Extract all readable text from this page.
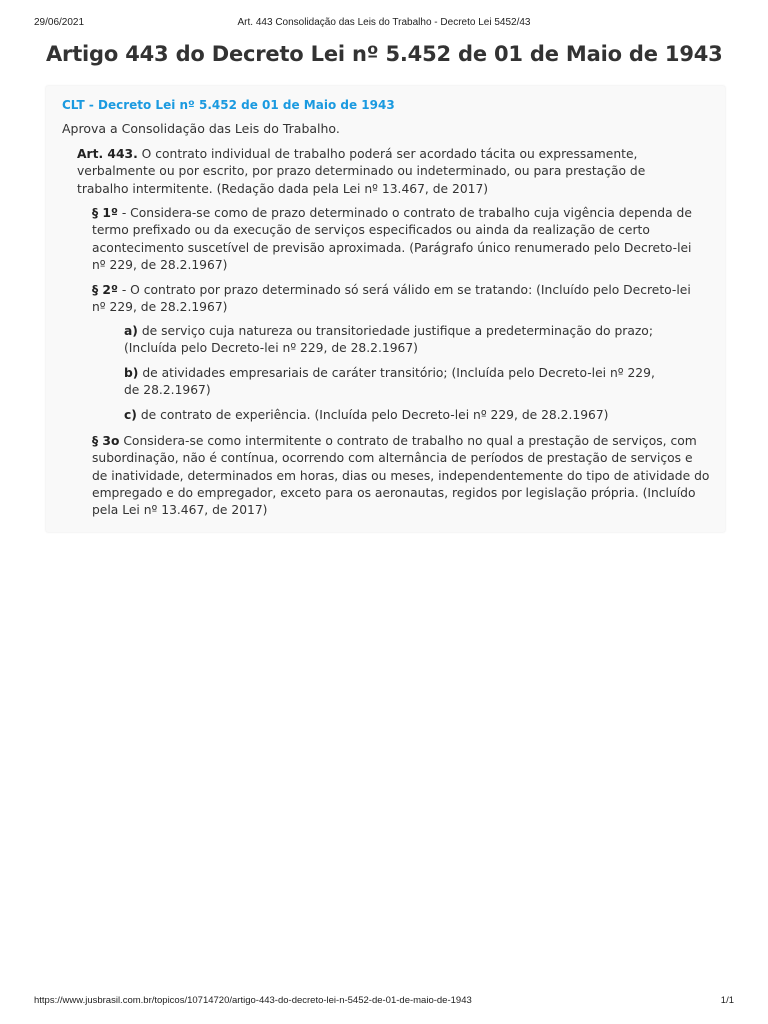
29/06/2021	Art. 443 Consolidação das Leis do Trabalho - Decreto Lei 5452/43
Artigo 443 do Decreto Lei nº 5.452 de 01 de Maio de 1943
CLT - Decreto Lei nº 5.452 de 01 de Maio de 1943
Aprova a Consolidação das Leis do Trabalho.
Art. 443. O contrato individual de trabalho poderá ser acordado tácita ou expressamente, verbalmente ou por escrito, por prazo determinado ou indeterminado, ou para prestação de trabalho intermitente. (Redação dada pela Lei nº 13.467, de 2017)
§ 1º - Considera-se como de prazo determinado o contrato de trabalho cuja vigência dependa de termo prefixado ou da execução de serviços especificados ou ainda da realização de certo acontecimento suscetível de previsão aproximada. (Parágrafo único renumerado pelo Decreto-lei nº 229, de 28.2.1967)
§ 2º - O contrato por prazo determinado só será válido em se tratando: (Incluído pelo Decreto-lei nº 229, de 28.2.1967)
a) de serviço cuja natureza ou transitoriedade justifique a predeterminação do prazo; (Incluída pelo Decreto-lei nº 229, de 28.2.1967)
b) de atividades empresariais de caráter transitório; (Incluída pelo Decreto-lei nº 229, de 28.2.1967)
c) de contrato de experiência. (Incluída pelo Decreto-lei nº 229, de 28.2.1967)
§ 3o Considera-se como intermitente o contrato de trabalho no qual a prestação de serviços, com subordinação, não é contínua, ocorrendo com alternância de períodos de prestação de serviços e de inatividade, determinados em horas, dias ou meses, independentemente do tipo de atividade do empregado e do empregador, exceto para os aeronautas, regidos por legislação própria. (Incluído pela Lei nº 13.467, de 2017)
https://www.jusbrasil.com.br/topicos/10714720/artigo-443-do-decreto-lei-n-5452-de-01-de-maio-de-1943	1/1
